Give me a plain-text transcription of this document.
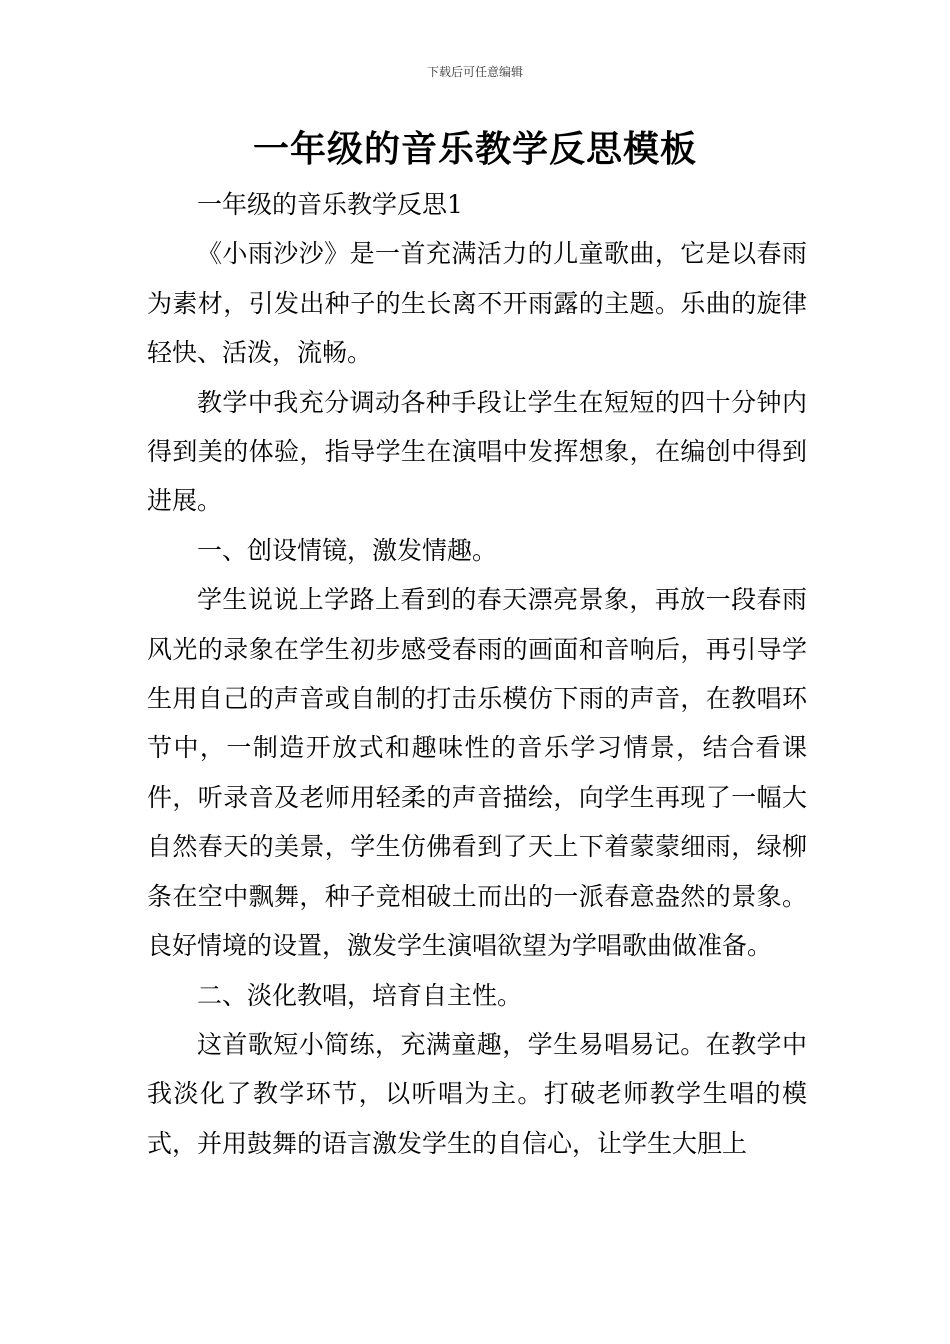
下载后可任意编辑
一年级的音乐教学反思模板

一年级的音乐教学反思1

《小雨沙沙》是一首充满活力的儿童歌曲，它是以春雨为素材，引发出种子的生长离不开雨露的主题。乐曲的旋律轻快、活泼，流畅。

教学中我充分调动各种手段让学生在短短的四十分钟内得到美的体验，指导学生在演唱中发挥想象，在编创中得到进展。

一、创设情镜，激发情趣。

学生说说上学路上看到的春天漂亮景象，再放一段春雨风光的录象在学生初步感受春雨的画面和音响后，再引导学生用自己的声音或自制的打击乐模仿下雨的声音，在教唱环节中，一制造开放式和趣味性的音乐学习情景，结合看课件，听录音及老师用轻柔的声音描绘，向学生再现了一幅大自然春天的美景，学生仿佛看到了天上下着蒙蒙细雨，绿柳条在空中飘舞，种子竞相破土而出的一派春意盎然的景象。良好情境的设置，激发学生演唱欲望为学唱歌曲做准备。

二、淡化教唱，培育自主性。

这首歌短小简练，充满童趣，学生易唱易记。在教学中我淡化了教学环节，以听唱为主。打破老师教学生唱的模式，并用鼓舞的语言激发学生的自信心，让学生大胆上
